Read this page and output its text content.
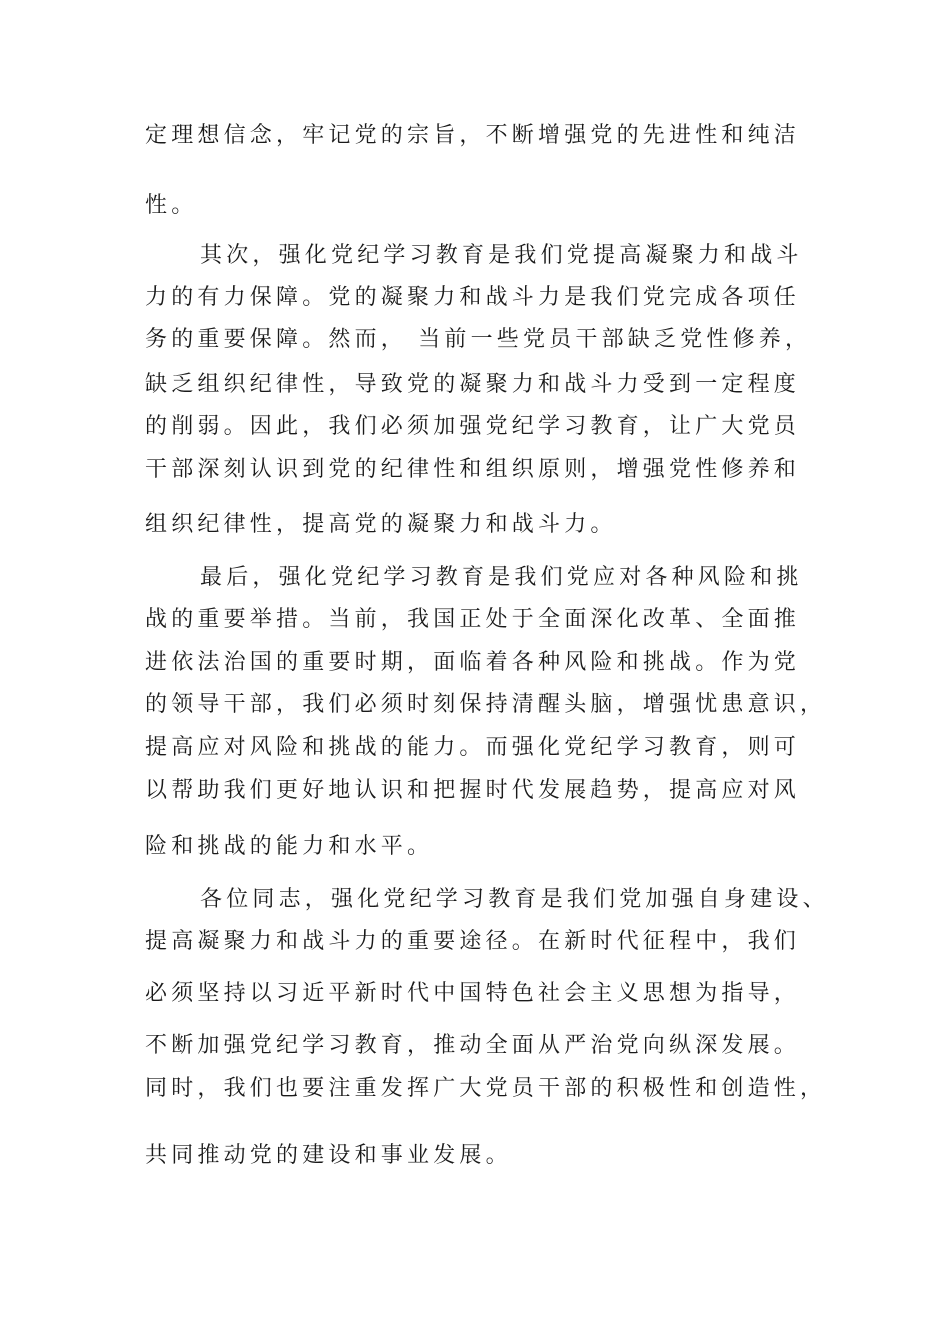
定理想信念，牢记党的宗旨，不断增强党的先进性和纯洁
性。
其次，强化党纪学习教育是我们党提高凝聚力和战斗
力的有力保障。党的凝聚力和战斗力是我们党完成各项任
务的重要保障。然而， 当前一些党员干部缺乏党性修养，
缺乏组织纪律性，导致党的凝聚力和战斗力受到一定程度
的削弱。因此，我们必须加强党纪学习教育，让广大党员
干部深刻认识到党的纪律性和组织原则，增强党性修养和
组织纪律性，提高党的凝聚力和战斗力。
最后，强化党纪学习教育是我们党应对各种风险和挑
战的重要举措。当前，我国正处于全面深化改革、全面推
进依法治国的重要时期，面临着各种风险和挑战。作为党
的领导干部，我们必须时刻保持清醒头脑，增强忧患意识，
提高应对风险和挑战的能力。而强化党纪学习教育，则可
以帮助我们更好地认识和把握时代发展趋势，提高应对风
险和挑战的能力和水平。
各位同志，强化党纪学习教育是我们党加强自身建设、
提高凝聚力和战斗力的重要途径。在新时代征程中，我们
必须坚持以习近平新时代中国特色社会主义思想为指导，
不断加强党纪学习教育，推动全面从严治党向纵深发展。
同时，我们也要注重发挥广大党员干部的积极性和创造性，
共同推动党的建设和事业发展。
